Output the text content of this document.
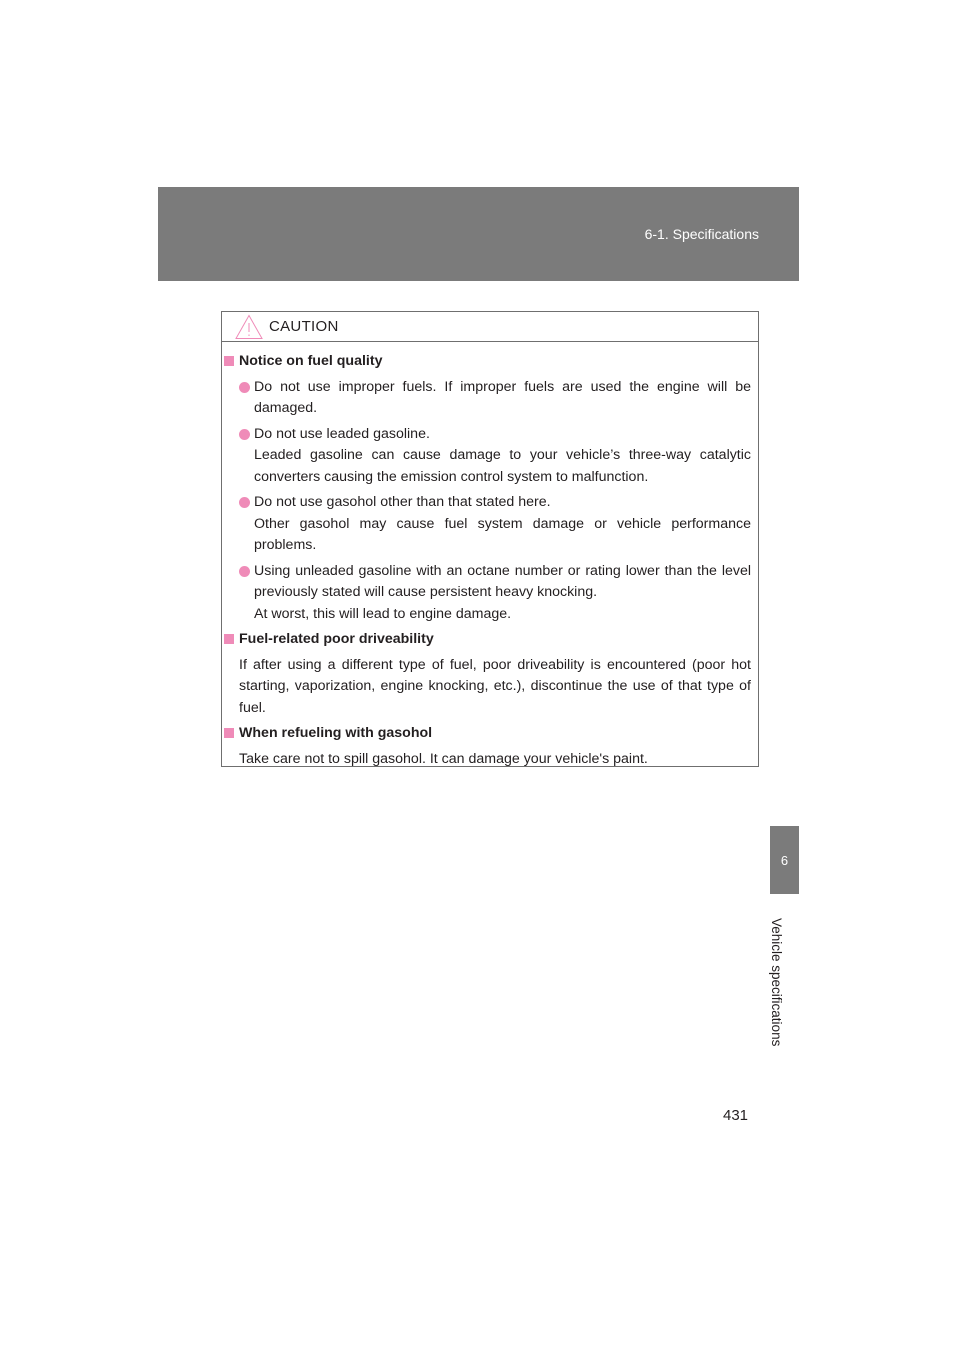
6-1. Specifications
6
Vehicle specifications
CAUTION
Notice on fuel quality
Do not use improper fuels. If improper fuels are used the engine will be damaged.
Do not use leaded gasoline.
Leaded gasoline can cause damage to your vehicle’s three-way catalytic converters causing the emission control system to malfunction.
Do not use gasohol other than that stated here.
Other gasohol may cause fuel system damage or vehicle performance problems.
Using unleaded gasoline with an octane number or rating lower than the level previously stated will cause persistent heavy knocking.
At worst, this will lead to engine damage.
Fuel-related poor driveability
If after using a different type of fuel, poor driveability is encountered (poor hot starting, vaporization, engine knocking, etc.), discontinue the use of that type of fuel.
When refueling with gasohol
Take care not to spill gasohol. It can damage your vehicle's paint.
431
